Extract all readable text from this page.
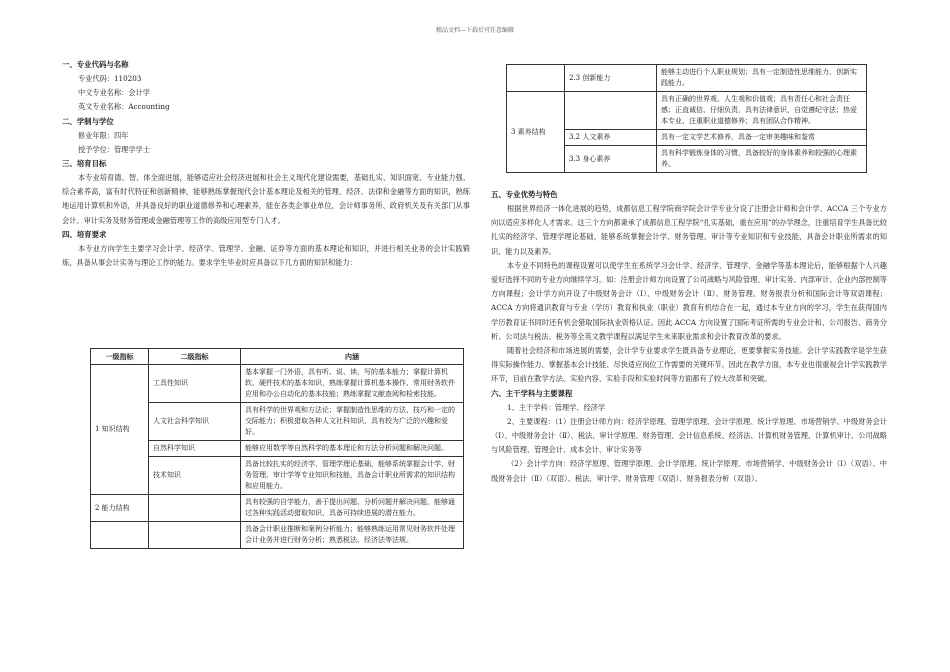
精品文档---下载后可任意编辑
一、专业代码与名称

专业代码：110203

中文专业名称：会计学

英文专业名称：Accounting

二、学制与学位

修业年限：四年

授予学位：管理学学士

三、培育目标

本专业培育德、智、体全面进展，能够适应社会经济进展和社会主义现代化建设需要，基础扎实、知识面宽、专业能力强、综合素养高，富有时代特征和创新精神，能够熟练掌握现代会计基本理论及相关的管理、经济、法律和金融等方面的知识，熟练地运用计算机和外语，并具备良好的职业道德修养和心理素养，能在各类企事业单位，会计师事务所、政府机关及有关部门从事会计、审计实务及财务管理或金融管理等工作的高级应用型专门人才。

四、培育要求

本专业方向学生主要学习会计学、经济学、管理学、金融、证券等方面的基本理论和知识，并进行相关业务的会计实践锻炼，具备从事会计实务与理论工作的能力。要求学生毕业时应具备以下几方面的知识和能力：

一级指标	二级指标	内涵
1 知识结构	工具性知识	基本掌握一门外语，具有听、说、读、写的基本能力；掌握计算机软、硬件技术的基本知识，熟练掌握计算机基本操作、常用财务软件应用和办公自动化的基本技能；熟练掌握文献查阅和检索技能。
	人文社会科学知识	具有科学的世界观和方法论；掌握制造性思维的方法、技巧和一定的交际能力；积极猎取各种人文社科知识，具有较为广泛的兴趣和爱好。
	自然科学知识	能够应用数学等自然科学的基本理论和方法分析问题和解决问题。
	技术知识	具备比较扎实的经济学、管理学理论基础，能够系统掌握会计学、财务管理、审计学等专业知识和技能，具备会计职业所需求的知识结构和应用能力。
2 能力结构		具有较强的自学能力，善于提出问题、分析问题并解决问题，能够通过各种实践活动猎取知识，具备可持续进展的潜在能力。
		具备会计职业推断和案例分析能力；能够熟练运用常见财务软件处理会计业务并进行财务分析；熟悉税法、经济法等法规。
	2.3 创新能力	能够主动进行个人职业规划；具有一定制造性思维能力、创新实践能力。
3 素养结构		具有正确的世界观、人生观和价值观；具有责任心和社会责任感；正直诚信、仔细负责，具有法律意识，自觉遵纪守法；热爱本专业、注重职业道德修养；具有团队合作精神。
	3.2 人文素养	具有一定文学艺术修养，具备一定审美趣味和鉴赏
	3.3 身心素养	具有科学锻炼身体的习惯，具备较好的身体素养和较强的心理素养。
五、专业优势与特色

根据世界经济一体化进展的趋势，成都信息工程学院商学院会计学专业分设了注册会计师和会计学、ACCA 三个专业方向以适应多样化人才需求。这三个方向都秉承了成都信息工程学院“扎实基础，重在应用”的办学理念，注重培育学生具备比较扎实的经济学、管理学理论基础，能够系统掌握会计学、财务管理、审计等专业知识和专业技能，具备会计职业所需求的知识、能力以及素养。

本专业不同特色的课程设置可以使学生在系统学习会计学、经济学、管理学、金融学等基本理论后，能够根据个人兴趣爱好选择不同的专业方向继续学习。如：注册会计师方向设置了公司战略与风险管理、审计实务、内部审计、企业内部控制等方向课程；会计学方向开设了中级财务会计（Ⅰ）、中级财务会计（Ⅱ）、财务管理、财务报表分析和国际会计等双语课程；ACCA 方向将通识教育与专业（学历）教育和执业（职业）教育有机结合在一起，通过本专业方向的学习，学生在获得国内学历教育证书同时还有机会猎取国际执业资格认证。因此 ACCA 方向设置了国际考证所需的专业会计和、公司报告、商务分析、公司法与税法、税务等全英文教学课程以满足学生未来职业需求和会计教育改革的要求。

随着社会经济和市场进展的需要，会计学专业要求学生既具备专业理论，更要掌握实务技能。会计学实践教学是学生获得实际操作能力、掌握基本会计技能、尽快适应岗位工作需要的关键环节。因此在教学方面，本专业也很重视会计学实践教学环节，目前在教学方法、实验内容、实验手段和实验时间等方面都有了较大改革和突破。

六、主干学科与主要课程

1、主干学科：管理学、经济学

2、主要课程：（1）注册会计师方向：经济学原理、管理学原理、会计学原理、统计学原理、市场营销学、中级财务会计（Ⅰ）、中级财务会计（Ⅱ）、税法、审计学原理、财务管理、会计信息系统、经济法、计算机财务管理、计算机审计、公司战略与风险管理、管理会计、成本会计、审计实务等

（2）会计学方向：经济学原理、管理学原理、会计学原理、统计学原理、市场营销学、中级财务会计（Ⅰ）（双语）、中级财务会计（Ⅱ）（双语）、税法、审计学、财务管理（双语）、财务报表分析（双语）、
